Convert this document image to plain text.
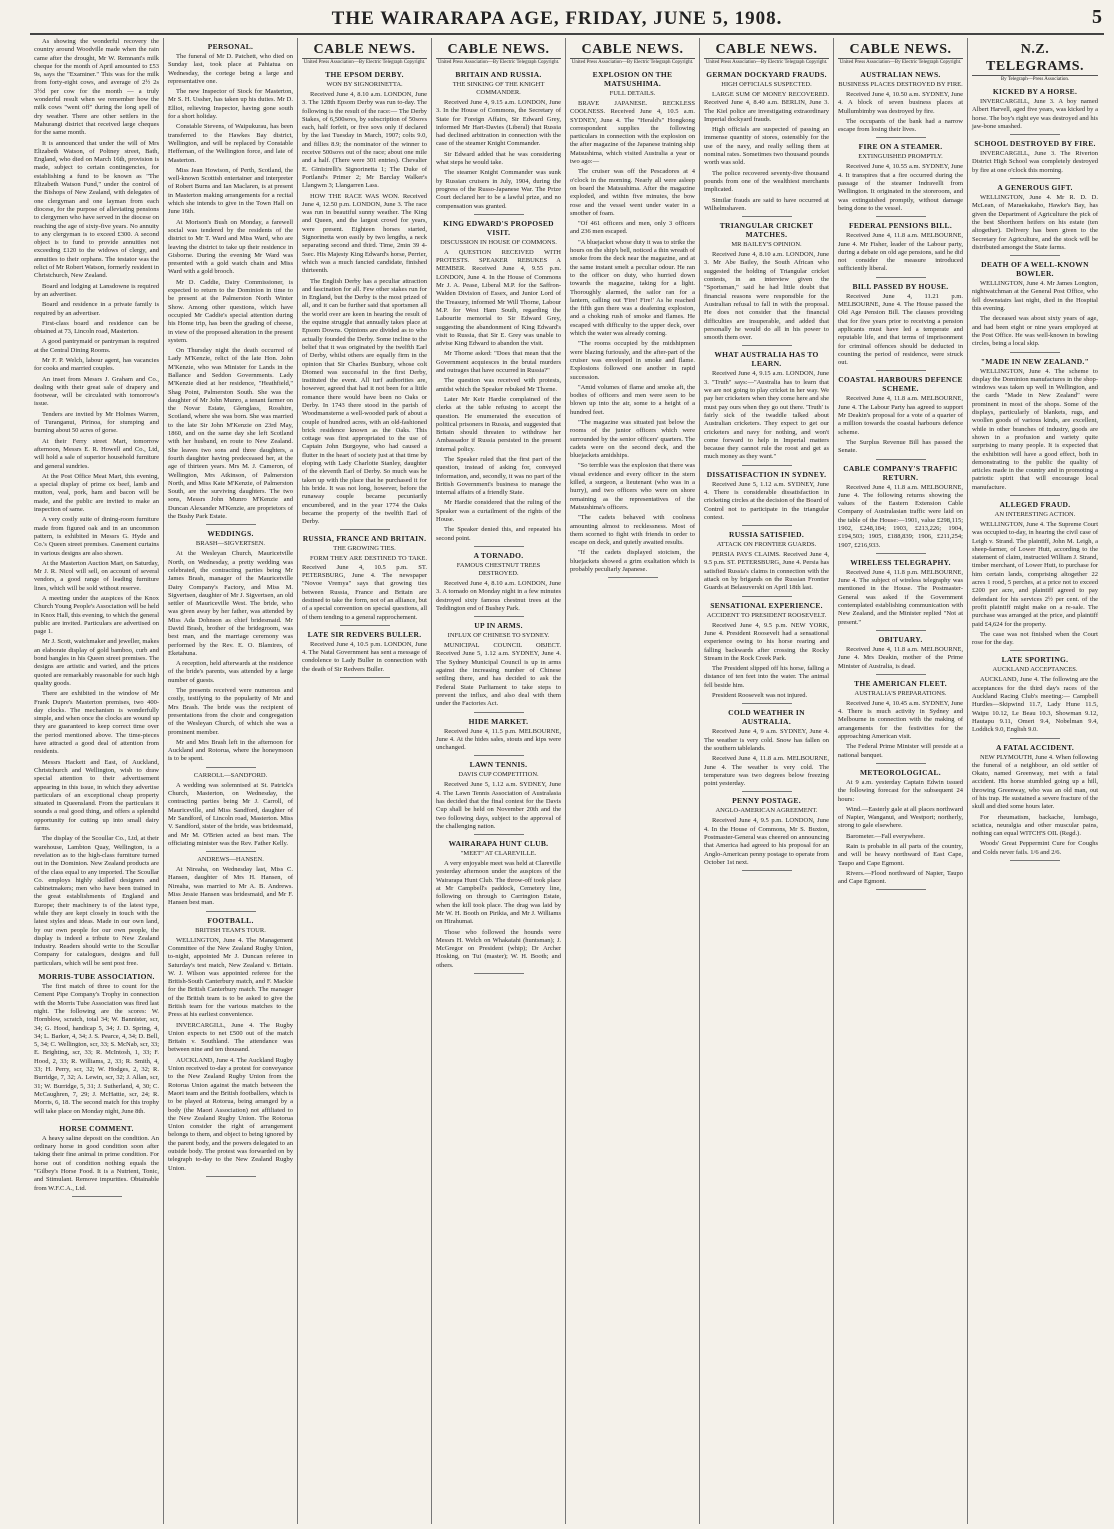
THE WAIRARAPA AGE, FRIDAY, JUNE 5, 1908.	5

As showing the wonderful recovery the country around Woodville made when the rain came after the drought, Mr W. Remnant's milk cheque for the month of April amounted to £53 9s, says the "Examiner." This was for the milk from forty-eight cows, and average of 2½ 2s 3½d per cow for the month — a truly wonderful result when we remember how the milk cows "went off" during the long spell of dry weather. There are other settlers in the Mahurangi district that received large cheques for the same month.

It is announced that under the will of Mrs Elizabeth Watson, of Poltney street, Bath, England, who died on March 16th, provision is made, subject to certain contingencies, for establishing a fund to be known as "The Elizabeth Watson Fund," under the control of the Bishops of New Zealand, with delegates of one clergyman and one layman from each diocese, for the purpose of alleviating pensions to clergymen who have served in the diocese on reaching the age of sixty-five years. No annuity to any clergyman is to exceed £300. A second object is to fund to provide annuities not exceeding £120 to the widows of clergy, and annuities to their orphans. The testator was the relict of Mr Robert Watson, formerly resident in Christchurch, New Zealand.

Board and lodging at Lansdowne is required by an advertiser.

Board and residence in a private family is required by an advertiser.

First-class board and residence can be obtained at 73, Lincoln road, Masterton.

A good pantrymaid or pantryman is required at the Central Dining Rooms.

Mr F. P. Welch, labour agent, has vacancies for cooks and married couples.

An inset from Messrs J. Graham and Co., dealing with their great sale of drapery and footwear, will be circulated with tomorrow's issue.

Tenders are invited by Mr Holmes Warren, of Turanganui, Pirinoa, for stumping and burning about 50 acres of gorse.

At their Ferry street Mart, tomorrow afternoon, Messrs E. R. Howell and Co., Ltd, will hold a sale of superior household furniture and general sundries.

At the Post Office Meat Mart, this evening, a special display of prime ox beef, lamb and mutton, veal, pork, ham and bacon will be made, and the public are invited to make an inspection of same.

A very costly suite of dining-room furniture made from figured oak and in an uncommon pattern, is exhibited in Messrs G. Hyde and Co.'s Queen street premises. Casement curtains in various designs are also shown.

At the Masterton Auction Mart, on Saturday, Mr J. R. Nicol will sell, on account of several vendors, a good range of leading furniture lines, which will be sold without reserve.

A meeting under the auspices of the Knox Church Young People's Association will be held in Knox Hall, this evening, to which the general public are invited. Particulars are advertised on page 1.

Mr J. Scott, watchmaker and jeweller, makes an elaborate display of gold bamboo, curb and bond bangles in his Queen street premises. The designs are artistic and varied, and the prices quoted are remarkably reasonable for such high quality goods.

There are exhibited in the window of Mr Frank Dupre's Masterton premises, two 400-day clocks. The mechanism is wonderfully simple, and when once the clocks are wound up they are guaranteed to keep correct time over the period mentioned above. The time-pieces have attracted a good deal of attention from residents.

Messrs Hackett and East, of Auckland, Christchurch and Wellington, wish to draw special attention to their advertisement appearing in this issue, in which they advertise particulars of an exceptional cheap property situated in Queensland. From the particulars it sounds a real good thing, and offers a splendid opportunity for cutting up into small dairy farms.

The display of the Scoullar Co., Ltd, at their warehouse, Lambton Quay, Wellington, is a revelation as to the high-class furniture turned out in the Dominion. New Zealand products are of the class equal to any imported. The Scoullar Co. employs highly skilled designers and cabinetmakers; men who have been trained in the great establishments of England and Europe; their machinery is of the latest type, while they are kept closely in touch with the latest styles and ideas. Made in our own land, by our own people for our own people, the display is indeed a tribute to New Zealand industry. Readers should write to the Scoullar Company for catalogues, designs and full particulars, which will be sent post free.

MORRIS-TUBE ASSOCIATION.

The first match of three to count for the Cement Pipe Company's Trophy in connection with the Morris Tube Association was fired last night. The following are the scores: W. Hornblow, scratch, total 34; W. Bannister, scr, 34; G. Hood, handicap 5, 34; J. D. Spring, 4, 34; L. Barker, 4, 34; J. S. Pearce, 4, 34; D. Bell, 5, 34; C. Wellington, scr, 33; S. McNab, scr, 33; E. Brighting, scr, 33; R. McIntosh, 1, 33; F. Hood, 2, 33; R. Williams, 2, 33; R. Smith, 4, 33; H. Perry, scr, 32; W. Hodges, 2, 32; R. Burridge, 7, 32; A. Lewin, scr, 32; J. Allan, scr, 31; W. Burridge, 5, 31; J. Sutherland, 4, 30; C. McCaughren, 7, 29; J. McHattie, scr, 24; R. Morris, 6, 18. The second match for this trophy will take place on Monday night, June 8th.

HORSE COMMENT.

A heavy saline deposit on the condition. An ordinary horse in good condition soon after taking their fine animal in prime condition. For horse out of condition nothing equals the "Gilbey's Horse Food. It is a Nutrient, Tonic, and Stimulant. Remove impurities. Obtainable from W.F.C.A., Ltd.

PERSONAL.

The funeral of Mr D. Patchett, who died on Sunday last, took place at Pahiatua on Wednesday, the cortege being a large and representative one.

The new Inspector of Stock for Masterton, Mr S. H. Ussher, has taken up his duties. Mr D. Elliot, relieving Inspector, having gone south for a short holiday.

Constable Stevens, of Waipukurau, has been transferred to the Hawkes Bay district, Wellington, and will be replaced by Constable Heffernan, of the Wellington force, and late of Masterton.

Miss Jean Howison, of Perth, Scotland, the well-known Scottish entertainer and interpreter of Robert Burns and Ian Maclaren, is at present in Masterton making arrangements for a recital which she intends to give in the Town Hall on June 16th.

At Morison's Bush on Monday, a farewell social was tendered by the residents of the district to Mr T. Ward and Miss Ward, who are leaving the district to take up their residence in Gisborne. During the evening Mr Ward was presented with a gold watch chain and Miss Ward with a gold brooch.

Mr D. Caddie, Dairy Commissioner, is expected to return to the Dominion in time to be present at the Palmerston North Winter Show. Among other questions, which have occupied Mr Caddie's special attention during his Home trip, has been the grading of cheese, in view of the proposed alteration in the present system.

On Thursday night the death occurred of Lady M'Kenzie, relict of the late Hon. John M'Kenzie, who was Minister for Lands in the Ballance and Seddon Governments. Lady M'Kenzie died at her residence, "Heathfield," Shag Point, Palmerston South. She was the daughter of Mr John Munro, a tenant farmer on the Novar Estate, Glenglass, Rosshire, Scotland, where she was born. She was married to the late Sir John M'Kenzie on 23rd May, 1860, and on the same day she left Scotland with her husband, en route to New Zealand. She leaves two sons and three daughters, a fourth daughter having predeceased her, at the age of thirteen years. Mrs M. J. Cameron, of Wellington, Mrs Atkinson, of Palmerston North, and Miss Kate M'Kenzie, of Palmerston South, are the surviving daughters. The two sons, Messrs John Munro M'Kenzie and Duncan Alexander M'Kenzie, are proprietors of the Bushy Park Estate.

WEDDINGS.
BRASH—SIGVERTSEN.

At the Wesleyan Church, Mauricetville North, on Wednesday, a pretty wedding was celebrated, the contracting parties being Mr James Brash, manager of the Mauricetville Dairy Company's Factory, and Miss M. Sigvertsen, daughter of Mr J. Sigvertsen, an old settler of Mauriceville West. The bride, who was given away by her father, was attended by Miss Ada Dohnson as chief bridesmaid. Mr David Brash, brother of the bridegroom, was best man, and the marriage ceremony was performed by the Rev. E. O. Blamires, of Eketahuna.

A reception, held afterwards at the residence of the bride's parents, was attended by a large number of guests.

The presents received were numerous and costly, testifying to the popularity of Mr and Mrs Brash. The bride was the recipient of presentations from the choir and congregation of the Wesleyan Church, of which she was a prominent member.

Mr and Mrs Brash left in the afternoon for Auckland and Rotorua, where the honeymoon is to be spent.

CARROLL—SANDFORD.

A wedding was solemnised at St. Patrick's Church, Masterton, on Wednesday, the contracting parties being Mr J. Carroll, of Mauriceville, and Miss Sandford, daughter of Mr Sandford, of Lincoln road, Masterton. Miss V. Sandford, sister of the bride, was bridesmaid, and Mr M. O'Brien acted as best man. The officiating minister was the Rev. Father Kelly.

ANDREWS—HANSEN.

At Nireaha, on Wednesday last, Miss C. Hansen, daughter of Mrs H. Hansen, of Nireaha, was married to Mr A. B. Andrews. Miss Jessie Hansen was bridesmaid, and Mr F. Hansen best man.

FOOTBALL.
BRITISH TEAM'S TOUR.

WELLINGTON, June 4. The Management Committee of the New Zealand Rugby Union, to-night, appointed Mr J. Duncan referee in Saturday's test match, New Zealand v. Britain. W. J. Wilson was appointed referee for the British-South Canterbury match, and F. Mackie for the British Canterbury match. The manager of the British team is to be asked to give the British team for the various matches to the Press at his earliest convenience.

INVERCARGILL, June 4. The Rugby Union expects to net £500 out of the match Britain v. Southland. The attendance was between nine and ten thousand.

AUCKLAND, June 4. The Auckland Rugby Union received to-day a protest for conveyance to the New Zealand Rugby Union from the Rotorua Union against the match between the Maori team and the British footballers, which is to be played at Rotorua, being arranged by a body (the Maori Association) not affiliated to the New Zealand Rugby Union. The Rotorua Union consider the right of arrangement belongs to them, and object to being ignored by the parent body, and the powers delegated to an outside body. The protest was forwarded on by telegraph to-day to the New Zealand Rugby Union.

CABLE NEWS.
United Press Association—By Electric Telegraph Copyright.
THE EPSOM DERBY.
WON BY SIGNORINETTA.

Received June 4, 8.10 a.m. LONDON, June 3. The 128th Epsom Derby was run to-day. The following is the result of the race:— The Derby Stakes, of 6,500sovs, by subscription of 50sovs each, half forfeit, or five sovs only if declared by the last Tuesday in March, 1907; colts 9.0, and fillies 8.9; the nominator of the winner to receive 500sovs out of the race; about one mile and a half. (There were 301 entries). Chevalier E. Ginistrelli's Signorinetta 1; The Duke of Portland's Primer 2; Mr Barclay Walker's Llangwm 3; Llangarren Lass.

HOW THE RACE WAS WON. Received June 4, 12.50 p.m. LONDON, June 3. The race was run in beautiful sunny weather. The King and Queen, and the largest crowd for years, were present. Eighteen horses started, Signorinetta won easily by two lengths, a neck separating second and third. Time, 2min 39 4-5sec. His Majesty King Edward's horse, Perrier, which was a much fancied candidate, finished thirteenth.

The English Derby has a peculiar attraction and fascination for all. Few other stakes run for in England, but the Derby is the most prized of all, and it can be further said that sportsmen all the world over are keen in hearing the result of the equine struggle that annually takes place at Epsom Downs. Opinions are divided as to who actually founded the Derby. Some incline to the belief that it was originated by the twelfth Earl of Derby, whilst others are equally firm in the opinion that Sir Charles Bunbury, whose colt Diomed was successful in the first Derby, instituted the event. All turf authorities are, however, agreed that had it not been for a little romance there would have been no Oaks or Derby. In 1743 there stood in the parish of Woodmansterne a well-wooded park of about a couple of hundred acres, with an old-fashioned brick residence known as the Oaks. This cottage was first appropriated to the use of Captain John Burgoyne, who had caused a flutter in the heart of society just at that time by eloping with Lady Charlotte Stanley, daughter of the eleventh Earl of Derby. So much was he taken up with the place that he purchased it for his bride. It was not long, however, before the runaway couple became pecuniarily encumbered, and in the year 1774 the Oaks became the property of the twelfth Earl of Derby.

RUSSIA, FRANCE AND BRITAIN.
THE GROWING TIES.

FORM THEY ARE DESTINED TO TAKE. Received June 4, 10.5 p.m. ST. PETERSBURG, June 4. The newspaper "Novoe Vremya" says that growing ties between Russia, France and Britain are destined to take the form, not of an alliance, but of a special convention on special questions, all of them tending to a general rapprochement.

LATE SIR REDVERS BULLER.

Received June 4, 10.5 p.m. LONDON, June 4. The Natal Government has sent a message of condolence to Lady Buller in connection with the death of Sir Redvers Buller.

CABLE NEWS.
United Press Association—By Electric Telegraph Copyright.
BRITAIN AND RUSSIA.
THE SINKING OF THE KNIGHT COMMANDER.

Received June 4, 9.15 a.m. LONDON, June 3. In the House of Commons, the Secretary of State for Foreign Affairs, Sir Edward Grey, informed Mr Hart-Davies (Liberal) that Russia had declined arbitration in connection with the case of the steamer Knight Commander.

Sir Edward added that he was considering what steps he would take.

The steamer Knight Commander was sunk by Russian cruisers in July, 1904, during the progress of the Russo-Japanese War. The Prize Court declared her to be a lawful prize, and no compensation was granted.

KING EDWARD'S PROPOSED VISIT.
DISCUSSION IN HOUSE OF COMMONS.

A QUESTION RECEIVED WITH PROTESTS. SPEAKER REBUKES A MEMBER. Received June 4, 9.55 p.m. LONDON, June 4. In the House of Commons Mr J. A. Pease, Liberal M.P. for the Saffron-Walden Division of Essex, and Junior Lord of the Treasury, informed Mr Will Thorne, Labour M.P. for West Ham South, regarding the Labourite memorial to Sir Edward Grey, suggesting the abandonment of King Edward's visit to Russia, that Sir E. Grey was unable to advise King Edward to abandon the visit.

Mr Thorne asked: "Does that mean that the Government acquiesces in the brutal murders and outrages that have occurred in Russia?"

The question was received with protests, amidst which the Speaker rebuked Mr Thorne.

Later Mr Keir Hardie complained of the clerks at the table refusing to accept the question. He enumerated the execution of political prisoners in Russia, and suggested that Britain should threaten to withdraw her Ambassador if Russia persisted in the present internal policy.

The Speaker ruled that the first part of the question, instead of asking for, conveyed information, and, secondly, it was no part of the British Government's business to manage the internal affairs of a friendly State.

Mr Hardie considered that the ruling of the Speaker was a curtailment of the rights of the House.

The Speaker denied this, and repeated his second point.

A TORNADO.
FAMOUS CHESTNUT TREES DESTROYED.

Received June 4, 8.10 a.m. LONDON, June 3. A tornado on Monday night in a few minutes destroyed sixty famous chestnut trees at the Teddington end of Bushey Park.

UP IN ARMS.
INFLUX OF CHINESE TO SYDNEY.

MUNICIPAL COUNCIL OBJECT. Received June 5, 1.12 a.m. SYDNEY, June 4. The Sydney Municipal Council is up in arms against the increasing number of Chinese settling there, and has decided to ask the Federal State Parliament to take steps to prevent the influx, and also deal with them under the Factories Act.

HIDE MARKET.

Received June 4, 11.5 p.m. MELBOURNE, June 4. At the hides sales, stouts and kips were unchanged.

LAWN TENNIS.
DAVIS CUP COMPETITION.

Received June 5, 1.12 a.m. SYDNEY, June 4. The Lawn Tennis Association of Australasia has decided that the final contest for the Davis Cup shall be held on November 20th and the two following days, subject to the approval of the challenging nation.

WAIRARAPA HUNT CLUB.
"MEET" AT CLAREVILLE.

A very enjoyable meet was held at Clareville yesterday afternoon under the auspices of the Wairarapa Hunt Club. The throw-off took place at Mr Campbell's paddock, Cemetery line, following on through to Carrington Estate, when the kill took place. The drag was laid by Mr W. H. Booth on Pirikia, and Mr J. Williams on Hirahumai.

Those who followed the hounds were Messrs H. Welch on Whakatahi (huntsman); J. McGregor on President (whip); Dr Archer Hosking, on Tui (master); W. H. Booth; and others.

CABLE NEWS.
United Press Association—By Electric Telegraph Copyright.
EXPLOSION ON THE MATSUSHIMA.
FULL DETAILS.

BRAVE JAPANESE. RECKLESS COOLNESS. Received June 4, 10.5 a.m. SYDNEY, June 4. The "Herald's" Hongkong correspondent supplies the following particulars in connection with the explosion on the after magazine of the Japanese training ship Matsushima, which visited Australia a year or two ago:—

The cruiser was off the Pescadores at 4 o'clock in the morning. Nearly all were asleep on board the Matsushima. After the magazine exploded, and within five minutes, the bow rose and the vessel went under water in a smother of foam.

"Of 461 officers and men, only 3 officers and 236 men escaped.

"A bluejacket whose duty it was to strike the hours on the ship's bell, noticed a thin wreath of smoke from the deck near the magazine, and at the same instant smelt a peculiar odour. He ran to the officer on duty, who hurried down towards the magazine, taking for a light. Thoroughly alarmed, the sailor ran for a lantern, calling out 'Fire! Fire!' As he reached the fifth gun there was a deafening explosion, and a choking rush of smoke and flames. He escaped with difficulty to the upper deck, over which the water was already coming.

"The rooms occupied by the midshipmen were blazing furiously, and the after-part of the cruiser was enveloped in smoke and flame. Explosions followed one another in rapid succession.

"Amid volumes of flame and smoke aft, the bodies of officers and men were seen to be blown up into the air, some to a height of a hundred feet.

"The magazine was situated just below the rooms of the junior officers which were surrounded by the senior officers' quarters. The cadets were on the second deck, and the bluejackets amidships.

"So terrible was the explosion that there was visual evidence and every officer in the stern killed, a surgeon, a lieutenant (who was in a hurry), and two officers who were on shore remaining as the representatives of the Matsushima's officers.

"The cadets behaved with coolness amounting almost to recklessness. Most of them scorned to fight with friends in order to escape on deck, and quietly awaited results.

"If the cadets displayed stoicism, the bluejackets showed a grim exaltation which is probably peculiarly Japanese.

CABLE NEWS.
United Press Association—By Electric Telegraph Copyright.
GERMAN DOCKYARD FRAUDS.
HIGH OFFICIALS SUSPECTED.

LARGE SUM OF MONEY RECOVERED. Received June 4, 8.40 a.m. BERLIN, June 3. The Kiel police are investigating extraordinary Imperial dockyard frauds.

High officials are suspected of passing an immense quantity of stores, ostensibly for the use of the navy, and really selling them at nominal rates. Sometimes two thousand pounds worth was sold.

The police recovered seventy-five thousand pounds from one of the wealthiest merchants implicated.

Similar frauds are said to have occurred at Wilhelmshaven.

TRIANGULAR CRICKET MATCHES.
MR BAILEY'S OPINION.

Received June 4, 8.10 a.m. LONDON, June 3. Mr Abe Bailey, the South African who suggested the holding of Triangular cricket contests, in an interview given the "Sportsman," said he had little doubt that financial reasons were responsible for the Australian refusal to fall in with the proposal. He does not consider that the financial difficulties are insuperable, and added that personally he would do all in his power to smooth them over.

WHAT AUSTRALIA HAS TO LEARN.

Received June 4, 9.15 a.m. LONDON, June 3. "Truth" says:—"Australia has to learn that we are not going to play cricket in her way. We pay her cricketers when they come here and she must pay ours when they go out there. 'Truth' is fairly sick of the twaddle talked about Australian cricketers. They expect to get our cricketers and navy for nothing, and won't come forward to help in Imperial matters because they cannot rule the roost and get as much money as they want."

DISSATISFACTION IN SYDNEY.

Received June 5, 1.12 a.m. SYDNEY, June 4. There is considerable dissatisfaction in cricketing circles at the decision of the Board of Control not to participate in the triangular contest.

RUSSIA SATISFIED.
ATTACK ON FRONTIER GUARDS.

PERSIA PAYS CLAIMS. Received June 4, 9.5 p.m. ST. PETERSBURG, June 4. Persia has satisfied Russia's claims in connection with the attack on by brigands on the Russian Frontier Guards at Belasuverski on April 18th last.

SENSATIONAL EXPERIENCE.
ACCIDENT TO PRESIDENT ROOSEVELT.

Received June 4, 9.5 p.m. NEW YORK, June 4. President Roosevelt had a sensational experience owing to his horse rearing and falling backwards after crossing the Rocky Stream in the Rock Creek Park.

The President slipped off his horse, falling a distance of ten feet into the water. The animal fell beside him.

President Roosevelt was not injured.

COLD WEATHER IN AUSTRALIA.

Received June 4, 9 a.m. SYDNEY, June 4. The weather is very cold. Snow has fallen on the southern tablelands.

Received June 4, 11.8 a.m. MELBOURNE, June 4. The weather is very cold. The temperature was two degrees below freezing point yesterday.

PENNY POSTAGE.
ANGLO-AMERICAN AGREEMENT.

Received June 4, 9.5 p.m. LONDON, June 4. In the House of Commons, Mr S. Buxton, Postmaster-General was cheered on announcing that America had agreed to his proposal for an Anglo-American penny postage to operate from October 1st next.

CABLE NEWS.
United Press Association—By Electric Telegraph Copyright.
AUSTRALIAN NEWS.
BUSINESS PLACES DESTROYED BY FIRE.

Received June 4, 10.50 a.m. SYDNEY, June 4. A block of seven business places at Mullumbimby was destroyed by fire.

The occupants of the bank had a narrow escape from losing their lives.

FIRE ON A STEAMER.
EXTINGUISHED PROMPTLY.

Received June 4, 10.55 a.m. SYDNEY, June 4. It transpires that a fire occurred during the passage of the steamer Indravelli from Wellington. It originated in the storeroom, and was extinguished promptly, without damage being done to the vessel.

FEDERAL PENSIONS BILL.

Received June 4, 11.8 a.m. MELBOURNE, June 4. Mr Fisher, leader of the Labour party, during a debate on old age pensions, said he did not consider the measure introduced sufficiently liberal.

BILL PASSED BY HOUSE.

Received June 4, 11.21 p.m. MELBOURNE, June 4. The House passed the Old Age Pension Bill. The clauses providing that for five years prior to receiving a pension applicants must have led a temperate and reputable life, and that terms of imprisonment for criminal offences should be deducted in counting the period of residence, were struck out.

COASTAL HARBOURS DEFENCE SCHEME.

Received June 4, 11.8 a.m. MELBOURNE, June 4. The Labour Party has agreed to support Mr Deakin's proposal for a vote of a quarter of a million towards the coastal harbours defence scheme.

The Surplus Revenue Bill has passed the Senate.

CABLE COMPANY'S TRAFFIC RETURN.

Received June 4, 11.8 a.m. MELBOURNE, June 4. The following returns showing the values of the Eastern Extension Cable Company of Australasian traffic were laid on the table of the House:—1901, value £298,115; 1902, £248,184; 1903, £213,226; 1904, £194,503; 1905, £188,839; 1906, £211,254; 1907, £216,933.

WIRELESS TELEGRAPHY.

Received June 4, 11.8 p.m. MELBOURNE, June 4. The subject of wireless telegraphy was mentioned in the House. The Postmaster-General was asked if the Government contemplated establishing communication with New Zealand, and the Minister replied "Not at present."

OBITUARY.

Received June 4, 11.8 a.m. MELBOURNE, June 4. Mrs Deakin, mother of the Prime Minister of Australia, is dead.

THE AMERICAN FLEET.
AUSTRALIA'S PREPARATIONS.

Received June 4, 10.45 a.m. SYDNEY, June 4. There is much activity in Sydney and Melbourne in connection with the making of arrangements for the festivities for the approaching American visit.

The Federal Prime Minister will preside at a national banquet.

METEOROLOGICAL.

At 9 a.m. yesterday Captain Edwin issued the following forecast for the subsequent 24 hours:

Wind.—Easterly gale at all places northward of Napier, Wanganui, and Westport; northerly, strong to gale elsewhere.

Barometer.—Fall everywhere.

Rain is probable in all parts of the country, and will be heavy northward of East Cape, Taupo and Cape Egmont.

Rivers.—Flood northward of Napier, Taupo and Cape Egmont.

N.Z. TELEGRAMS.
By Telegraph—Press Association.
KICKED BY A HORSE.

INVERCARGILL, June 3. A boy named Albert Harvell, aged five years, was kicked by a horse. The boy's right eye was destroyed and his jaw-bone smashed.

SCHOOL DESTROYED BY FIRE.

INVERCARGILL, June 3. The Riverton District High School was completely destroyed by fire at one o'clock this morning.

A GENEROUS GIFT.

WELLINGTON, June 4. Mr R. D. D. McLean, of Maraekakaho, Hawke's Bay, has given the Department of Agriculture the pick of the best Shorthorn heifers on his estate (ten altogether). Delivery has been given to the Secretary for Agriculture, and the stock will be distributed amongst the State farms.

DEATH OF A WELL-KNOWN BOWLER.

WELLINGTON, June 4. Mr James Longton, nightwatchman at the General Post Office, who fell downstairs last night, died in the Hospital this evening.

The deceased was about sixty years of age, and had been eight or nine years employed at the Post Office. He was well-known in bowling circles, being a local skip.

"MADE IN NEW ZEALAND."

WELLINGTON, June 4. The scheme to display the Dominion manufactures in the shop-windows was taken up well in Wellington, and the cards "Made in New Zealand" were prominent in most of the shops. Some of the displays, particularly of blankets, rugs, and woollen goods of various kinds, are excellent, while in other branches of industry, goods are shown in a profusion and variety quite surprising to many people. It is expected that the exhibition will have a good effect, both in demonstrating to the public the quality of articles made in the country and in promoting a patriotic spirit that will encourage local manufacture.

ALLEGED FRAUD.
AN INTERESTING ACTION.

WELLINGTON, June 4. The Supreme Court was occupied to-day, in hearing the civil case of Leigh v. Strand. The plaintiff, John M. Leigh, a sheep-farmer, of Lower Hutt, according to the statement of claim, instructed William J. Strand, timber merchant, of Lower Hutt, to purchase for him certain lands, comprising altogether 22 acres 1 rood, 5 perches, at a price not to exceed £200 per acre, and plaintiff agreed to pay defendant for his services 2½ per cent. of the profit plaintiff might make on a re-sale. The purchase was arranged at the price, and plaintiff paid £4,624 for the property.

The case was not finished when the Court rose for the day.

LATE SPORTING.
AUCKLAND ACCEPTANCES.

AUCKLAND, June 4. The following are the acceptances for the third day's races of the Auckland Racing Club's meeting:— Campbell Hurdles—Skipwind 11.7, Lady Hune 11.5, Waipu 10.12, Le Beau 10.3, Showman 9.12, Hautapu 9.11, Omeri 9.4, Nobelman 9.4, Loddick 9.0, English 9.0.

A FATAL ACCIDENT.

NEW PLYMOUTH, June 4. When following the funeral of a neighbour, an old settler of Okato, named Greenway, met with a fatal accident. His horse stumbled going up a hill, throwing Greenway, who was an old man, out of his trap. He sustained a severe fracture of the skull and died some hours later.

For rheumatism, backache, lumbago, sciatica, neuralgia and other muscular pains, nothing can equal WITCH'S OIL (Regd.).

Woods' Great Peppermint Cure for Coughs and Colds never fails. 1/6 and 2/6.
